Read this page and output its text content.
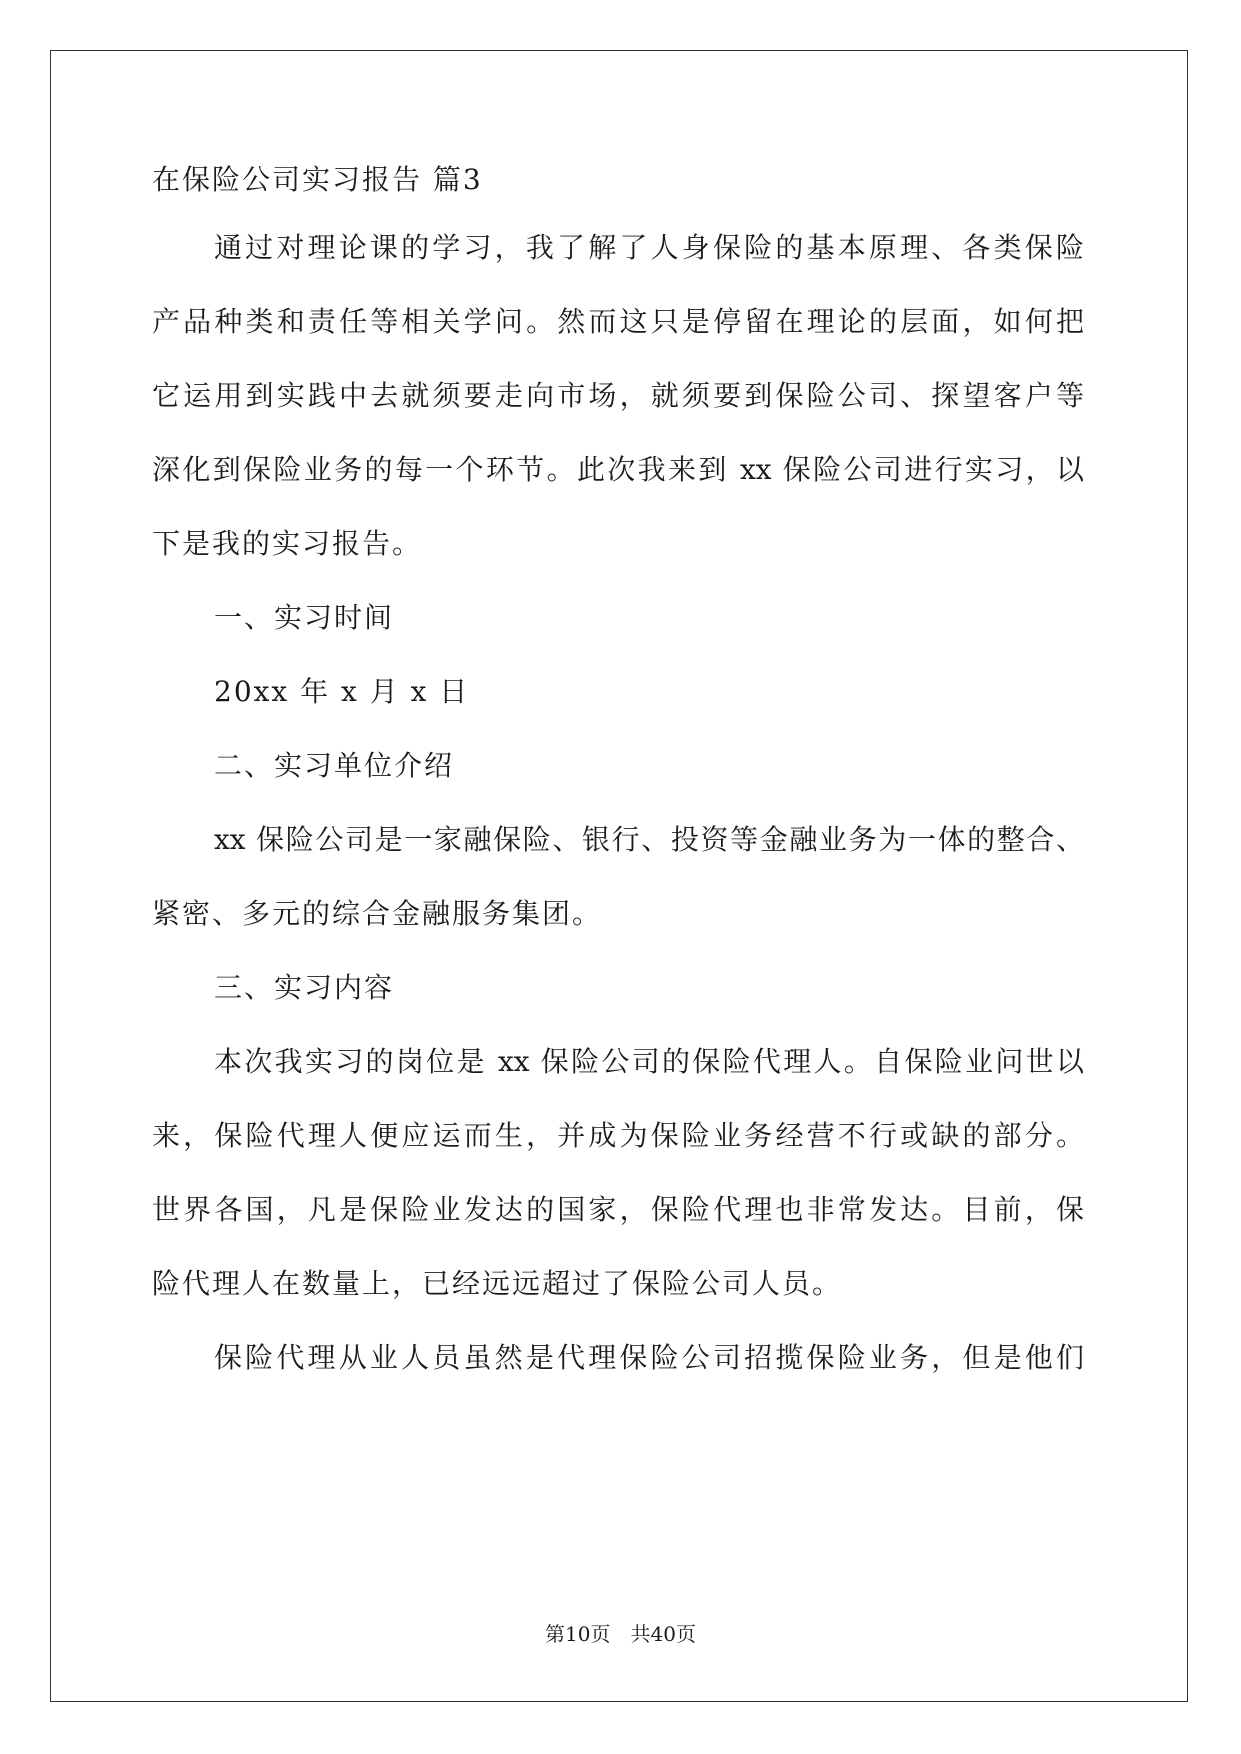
在保险公司实习报告 篇3
通过对理论课的学习，我了解了人身保险的基本原理、各类保险
产品种类和责任等相关学问。然而这只是停留在理论的层面，如何把
它运用到实践中去就须要走向市场，就须要到保险公司、探望客户等
深化到保险业务的每一个环节。此次我来到 xx 保险公司进行实习，以
下是我的实习报告。
一、实习时间
20xx 年 x 月 x 日
二、实习单位介绍
xx 保险公司是一家融保险、银行、投资等金融业务为一体的整合、
紧密、多元的综合金融服务集团。
三、实习内容
本次我实习的岗位是 xx 保险公司的保险代理人。自保险业问世以
来，保险代理人便应运而生，并成为保险业务经营不行或缺的部分。
世界各国，凡是保险业发达的国家，保险代理也非常发达。目前，保
险代理人在数量上，已经远远超过了保险公司人员。
保险代理从业人员虽然是代理保险公司招揽保险业务，但是他们
第10页　共40页
